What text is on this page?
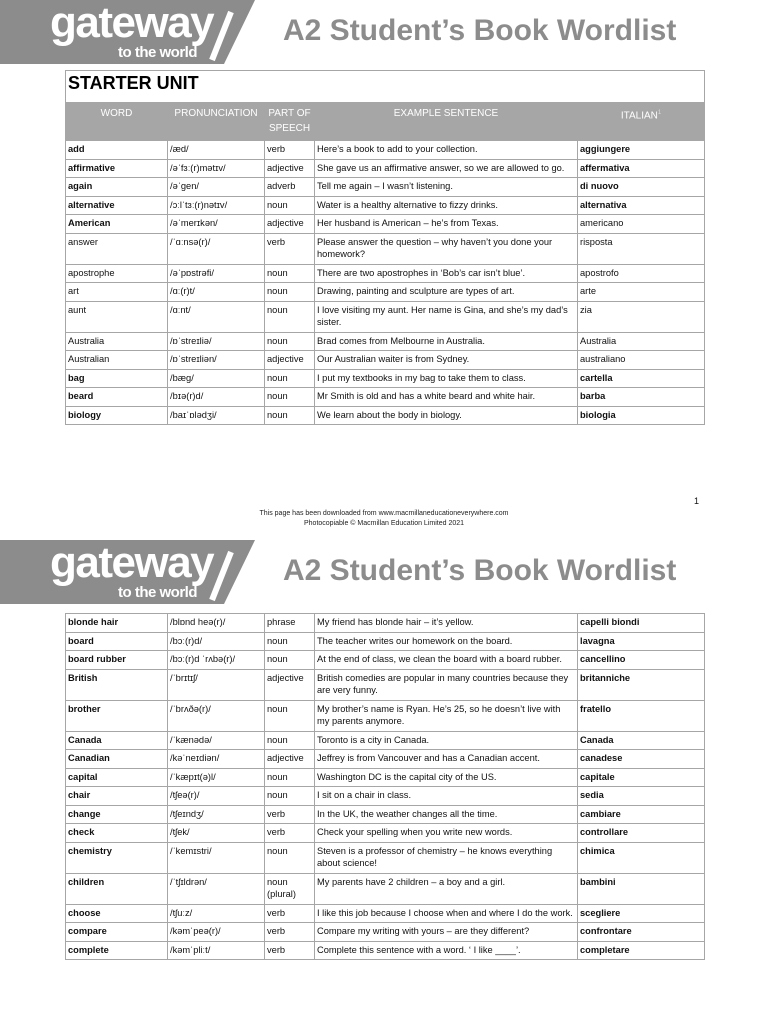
gateway
to the world
A2 Student’s Book Wordlist
STARTER UNIT				
WORD	PRONUNCIATION	PART OF SPEECH	EXAMPLE SENTENCE	ITALIAN$^1$
add	/æd/	verb	Here’s a book to add to your collection.	aggiungere
affirmative	/əˈfɜː(r)mətɪv/	adjective	She gave us an affirmative answer, so we are allowed to go.	affermativa
again	/əˈɡen/	adverb	Tell me again – I wasn’t listening.	di nuovo
alternative	/ɔːlˈtɜː(r)nətɪv/	noun	Water is a healthy alternative to fizzy drinks.	alternativa
American	/əˈmerɪkən/	adjective	Her husband is American – he’s from Texas.	americano
answer	/ˈɑːnsə(r)/	verb	Please answer the question – why haven’t you done your homework?	risposta
apostrophe	/əˈpɒstrəfi/	noun	There are two apostrophes in ‘Bob’s car isn’t blue’.	apostrofo
art	/ɑː(r)t/	noun	Drawing, painting and sculpture are types of art.	arte
aunt	/ɑːnt/	noun	I love visiting my aunt. Her name is Gina, and she’s my dad’s sister.	zia
Australia	/ɒˈstreɪliə/	noun	Brad comes from Melbourne in Australia.	Australia
Australian	/ɒˈstreɪliən/	adjective	Our Australian waiter is from Sydney.	australiano
bag	/bæɡ/	noun	I put my textbooks in my bag to take them to class.	cartella
beard	/bɪə(r)d/	noun	Mr Smith is old and has a white beard and white hair.	barba
biology	/baɪˈɒlədʒi/	noun	We learn about the body in biology.	biologia
1
This page has been downloaded from www.macmillaneducationeverywhere.com
Photocopiable © Macmillan Education Limited 2021
gateway
to the world
A2 Student’s Book Wordlist
blonde hair	/blɒnd heə(r)/	phrase	My friend has blonde hair – it’s yellow.	capelli biondi
board	/bɔː(r)d/	noun	The teacher writes our homework on the board.	lavagna
board rubber	/bɔː(r)d ˈrʌbə(r)/	noun	At the end of class, we clean the board with a board rubber.	cancellino
British	/ˈbrɪtɪʃ/	adjective	British comedies are popular in many countries because they are very funny.	britanniche
brother	/ˈbrʌðə(r)/	noun	My brother’s name is Ryan. He’s 25, so he doesn’t live with my parents anymore.	fratello
Canada	/ˈkænədə/	noun	Toronto is a city in Canada.	Canada
Canadian	/kəˈneɪdiən/	adjective	Jeffrey is from Vancouver and has a Canadian accent.	canadese
capital	/ˈkæpɪt(ə)l/	noun	Washington DC is the capital city of the US.	capitale
chair	/tʃeə(r)/	noun	I sit on a chair in class.	sedia
change	/tʃeɪndʒ/	verb	In the UK, the weather changes all the time.	cambiare
check	/tʃek/	verb	Check your spelling when you write new words.	controllare
chemistry	/ˈkemɪstri/	noun	Steven is a professor of chemistry – he knows everything about science!	chimica
children	/ˈtʃɪldrən/	noun (plural)	My parents have 2 children – a boy and a girl.	bambini
choose	/tʃuːz/	verb	I like this job because I choose when and where I do the work.	scegliere
compare	/kəmˈpeə(r)/	verb	Compare my writing with yours – are they different?	confrontare
complete	/kəmˈpliːt/	verb	Complete this sentence with a word. ‘ I like ____’.	completare
